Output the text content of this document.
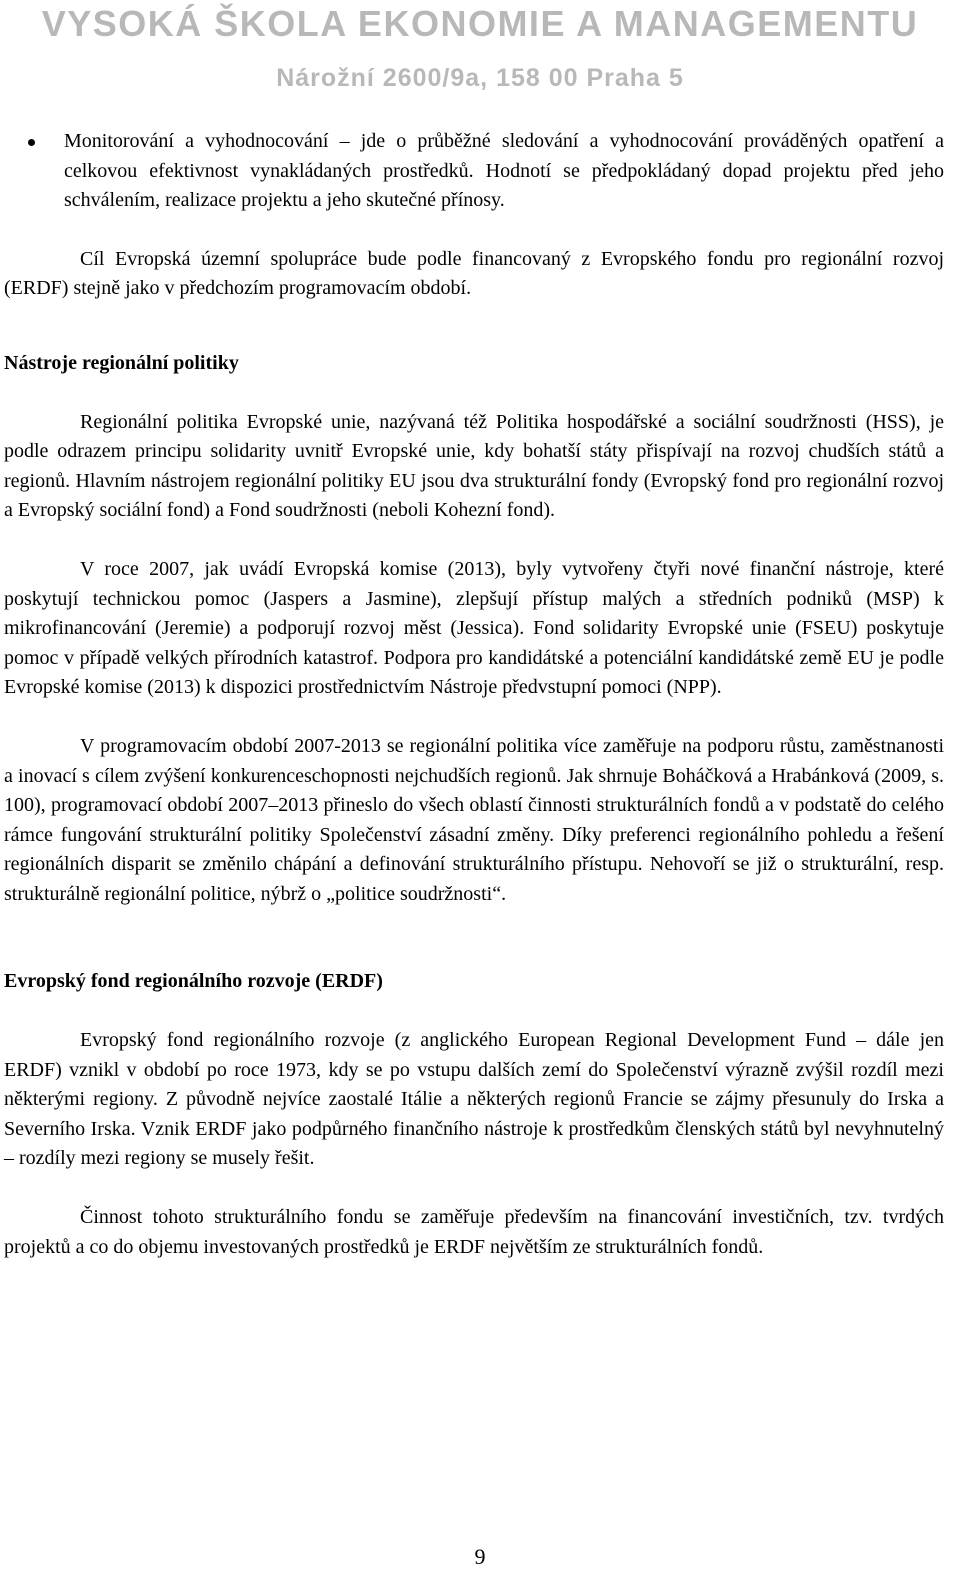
VYSOKÁ ŠKOLA EKONOMIE A MANAGEMENTU
Nárožní 2600/9a, 158 00 Praha 5
Monitorování a vyhodnocování – jde o průběžné sledování a vyhodnocování prováděných opatření a celkovou efektivnost vynakládaných prostředků. Hodnotí se předpokládaný dopad projektu před jeho schválením, realizace projektu a jeho skutečné přínosy.

Cíl Evropská územní spolupráce bude podle financovaný z Evropského fondu pro regionální rozvoj (ERDF) stejně jako v předchozím programovacím období.

Nástroje regionální politiky

Regionální politika Evropské unie, nazývaná též Politika hospodářské a sociální soudržnosti (HSS), je podle odrazem principu solidarity uvnitř Evropské unie, kdy bohatší státy přispívají na rozvoj chudších států a regionů. Hlavním nástrojem regionální politiky EU jsou dva strukturální fondy (Evropský fond pro regionální rozvoj a Evropský sociální fond) a Fond soudržnosti (neboli Kohezní fond).

V roce 2007, jak uvádí Evropská komise (2013), byly vytvořeny čtyři nové finanční nástroje, které poskytují technickou pomoc (Jaspers a Jasmine), zlepšují přístup malých a středních podniků (MSP) k mikrofinancování (Jeremie) a podporují rozvoj měst (Jessica). Fond solidarity Evropské unie (FSEU) poskytuje pomoc v případě velkých přírodních katastrof. Podpora pro kandidátské a potenciální kandidátské země EU je podle Evropské komise (2013) k dispozici prostřednictvím Nástroje předvstupní pomoci (NPP).

V programovacím období 2007-2013 se regionální politika více zaměřuje na podporu růstu, zaměstnanosti a inovací s cílem zvýšení konkurenceschopnosti nejchudších regionů. Jak shrnuje Boháčková a Hrabánková (2009, s. 100), programovací období 2007–2013 přineslo do všech oblastí činnosti strukturálních fondů a v podstatě do celého rámce fungování strukturální politiky Společenství zásadní změny. Díky preferenci regionálního pohledu a řešení regionálních disparit se změnilo chápání a definování strukturálního přístupu. Nehovoří se již o strukturální, resp. strukturálně regionální politice, nýbrž o „politice soudržnosti“.

Evropský fond regionálního rozvoje (ERDF)

Evropský fond regionálního rozvoje (z anglického European Regional Development Fund – dále jen ERDF) vznikl v období po roce 1973, kdy se po vstupu dalších zemí do Společenství výrazně zvýšil rozdíl mezi některými regiony. Z původně nejvíce zaostalé Itálie a některých regionů Francie se zájmy přesunuly do Irska a Severního Irska. Vznik ERDF jako podpůrného finančního nástroje k prostředkům členských států byl nevyhnutelný – rozdíly mezi regiony se musely řešit.

Činnost tohoto strukturálního fondu se zaměřuje především na financování investičních, tzv. tvrdých projektů a co do objemu investovaných prostředků je ERDF největším ze strukturálních fondů.

9
